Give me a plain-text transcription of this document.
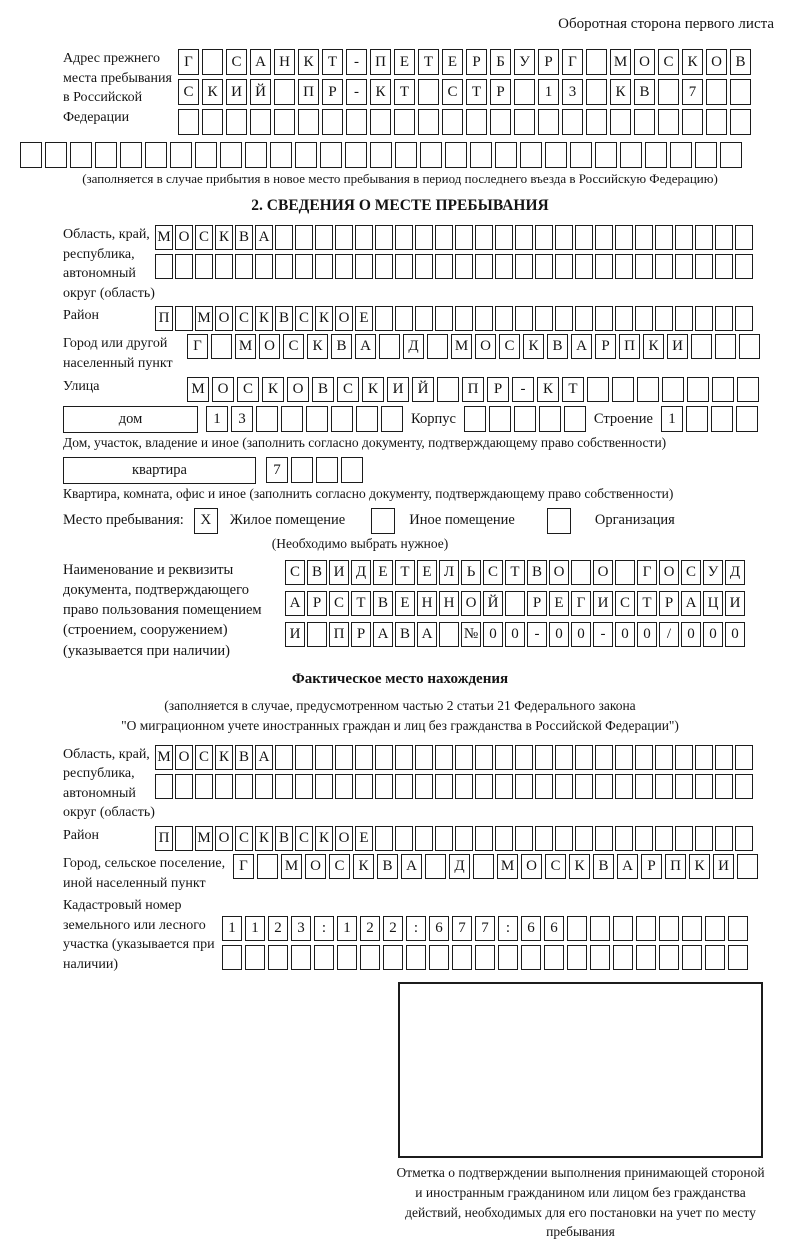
Оборотная сторона первого листа
Адрес прежнего места пребывания в Российской Федерации
Г	С А Н К Т	-	П Е Т Е	Р	Б У Р	Г	М О С К О В
С К И Й	П Р	-	К Т	С Т	Р	1	3	К В	7
(заполняется в случае прибытия в новое место пребывания в период последнего въезда в Российскую Федерацию)
2. СВЕДЕНИЯ О МЕСТЕ ПРЕБЫВАНИЯ
Область, край, республика, автономный округ (область)
М О С К В А
Район	П М О С К В С К О Е
Город или другой населенный пункт
Г	М О С К В А	Д	М О С К В А Р П К И
Улица	М О С К О В С К И Й	П	Р	-	К	Т
дом	1	3	Корпус	Строение	1
Дом, участок, владение и иное (заполнить согласно документу, подтверждающему право собственности)
квартира	7
Квартира, комната, офис и иное (заполнить согласно документу, подтверждающему право собственности)
Место пребывания:	X	Жилое помещение	Иное помещение	Организация
(Необходимо выбрать нужное)
Наименование и реквизиты документа, подтверждающего право пользования помещением (строением, сооружением) (указывается при наличии)
С В И Д Е Т Е Л Ь С Т В О	О	Г О С У Д
А Р С Т В Е Н Н О Й	Р Е Г И С Т Р А Ц И
И	П Р А В А	№ 0 0	-	0 0	-	0 0	/	0 0 0
Фактическое место нахождения
(заполняется в случае, предусмотренном частью 2 статьи 21 Федерального закона
"О миграционном учете иностранных граждан и лиц без гражданства в Российской Федерации")
Область, край, республика, автономный округ (область)
М О С К В А
Район	П М О С К В С К О Е
Город, сельское поселение, иной населенный пункт
Г	М О С К В А	Д	М О С К В А Р П К И
Кадастровый номер земельного или лесного участка (указывается при наличии)
1	1	2	3	:	1	2	2	:	6	7	7	:	6	6
Отметка о подтверждении выполнения принимающей стороной и иностранным гражданином или лицом без гражданства действий, необходимых для его постановки на учет по месту пребывания
